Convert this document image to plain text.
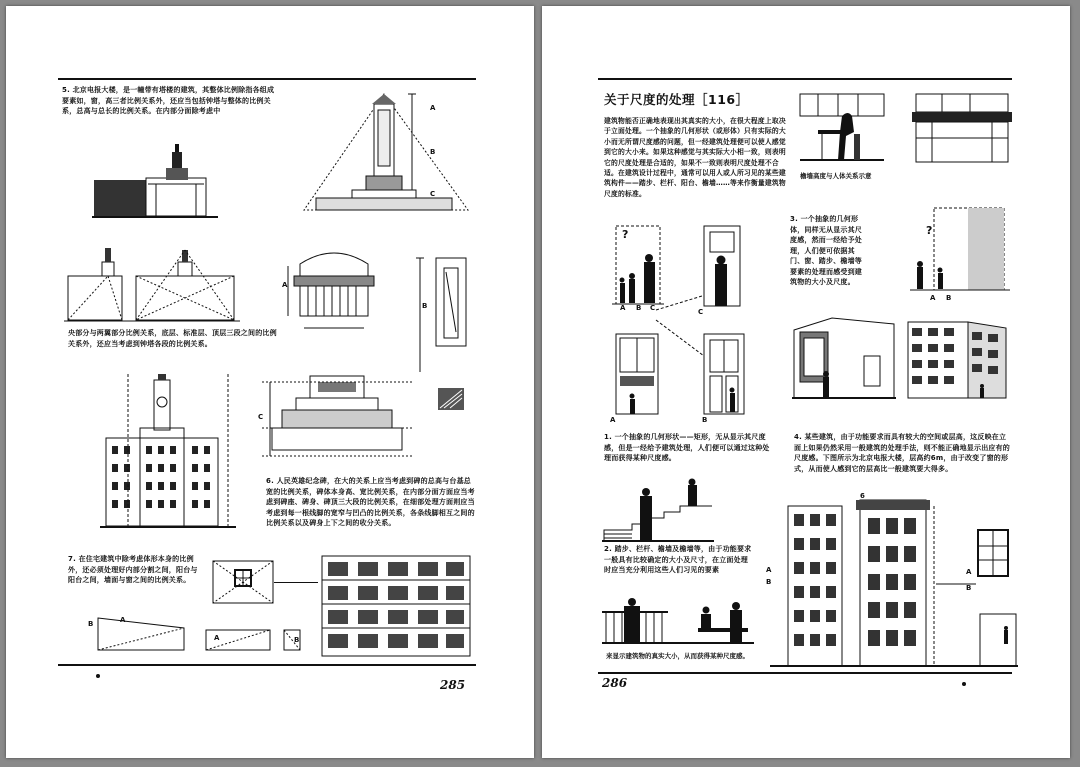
5. 北京电报大楼，是一幢带有塔楼的建筑，其整体比例除指各组成要素如，窗，高三者比例关系外，还应当包括钟塔与整体的比例关系，总高与总长的比例关系。在内部分面除考虑中	A
B
C
央部分与两翼部分比例关系，底层、标准层、顶层三段之间的比例关系外，还应当考虑到钟塔各段的比例关系。
A
B
C
6. 人民英雄纪念碑，在大的关系上应当考虑到碑的总高与台基总宽的比例关系，碑体本身高、宽比例关系，在内部分面方面应当考虑到碑座、碑身、碑顶三大段的比例关系，在细部处理方面则应当考虑到每一根线脚的宽窄与凹凸的比例关系，各条线脚相互之间的比例关系以及碑身上下之间的收分关系。
7. 在住宅建筑中除考虑体形本身的比例外，还必须处理好内部分割之间，阳台与阳台之间，墙面与窗之间的比例关系。
B	A
A	B
285
关于尺度的处理［116］
建筑物能否正确地表现出其真实的大小，在很大程度上取决于立面处理。一个抽象的几何形状（或形体）只有实际的大小而无所谓尺度感的问题，但一经建筑处理便可以使人感觉到它的大小来。如果这种感觉与其实际大小相一致，则表明它的尺度处理是合适的，如果不一致则表明尺度处理不合适。在建筑设计过程中，通常可以用人或人所习见的某些建筑构件——踏步、栏杆、阳台、檐墙……等来作衡量建筑物尺度的标准。
檐墙高度与人体关系示意
?
A B C	C
A	B
1. 一个抽象的几何形状——矩形，无从显示其尺度感，但是一经给予建筑处理，人们便可以通过这种处理而获得某种尺度感。
3. 一个抽象的几何形体，同样无从显示其尺度感，然而一经给予处理，人们便可依据其门、窗、踏步、檐墙等要素的处理而感受到建筑物的大小及尺度。
?
A B
4. 某些建筑，由于功能要求而具有较大的空间或层高，这反映在立面上如果仍然采用一般建筑的处理手法，则不能正确地显示出应有的尺度感。下图所示为北京电报大楼，层高约6m，由于改变了窗的形式，从而使人感到它的层高比一般建筑要大得多。
2. 踏步、栏杆、檐墙及檐墙等，由于功能要求一般具有比较确定的大小及尺寸，在立面处理时应当充分利用这些人们习见的要素
来显示建筑物的真实大小，从而获得某种尺度感。
A
B
6
A
B
286
